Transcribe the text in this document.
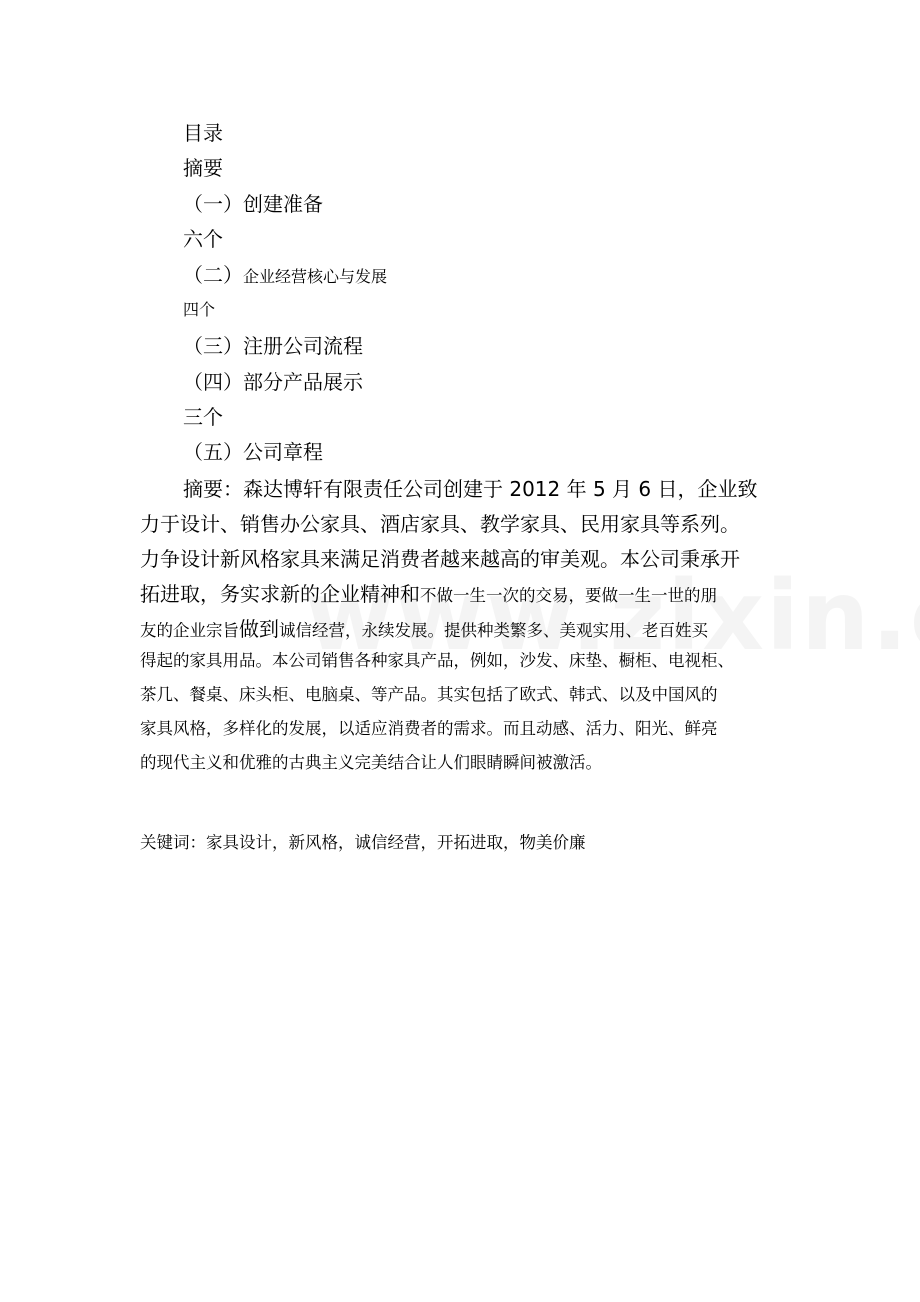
目录
摘要
（一）创建准备
六个
（二）企业经营核心与发展
四个
（三）注册公司流程
（四）部分产品展示
三个
（五）公司章程
摘要：森达博轩有限责任公司创建于 2012 年 5 月 6 日，企业致
力于设计、销售办公家具、酒店家具、教学家具、民用家具等系列。
力争设计新风格家具来满足消费者越来越高的审美观。本公司秉承开
拓进取，务实求新的企业精神和不做一生一次的交易，要做一生一世的朋
友的企业宗旨做到诚信经营，永续发展。提供种类繁多、美观实用、老百姓买
得起的家具用品。本公司销售各种家具产品，例如，沙发、床垫、橱柜、电视柜、
茶几、餐桌、床头柜、电脑桌、等产品。其实包括了欧式、韩式、以及中国风的
家具风格，多样化的发展，以适应消费者的需求。而且动感、活力、阳光、鲜亮
的现代主义和优雅的古典主义完美结合让人们眼睛瞬间被激活。
关键词：家具设计，新风格，诚信经营，开拓进取，物美价廉
